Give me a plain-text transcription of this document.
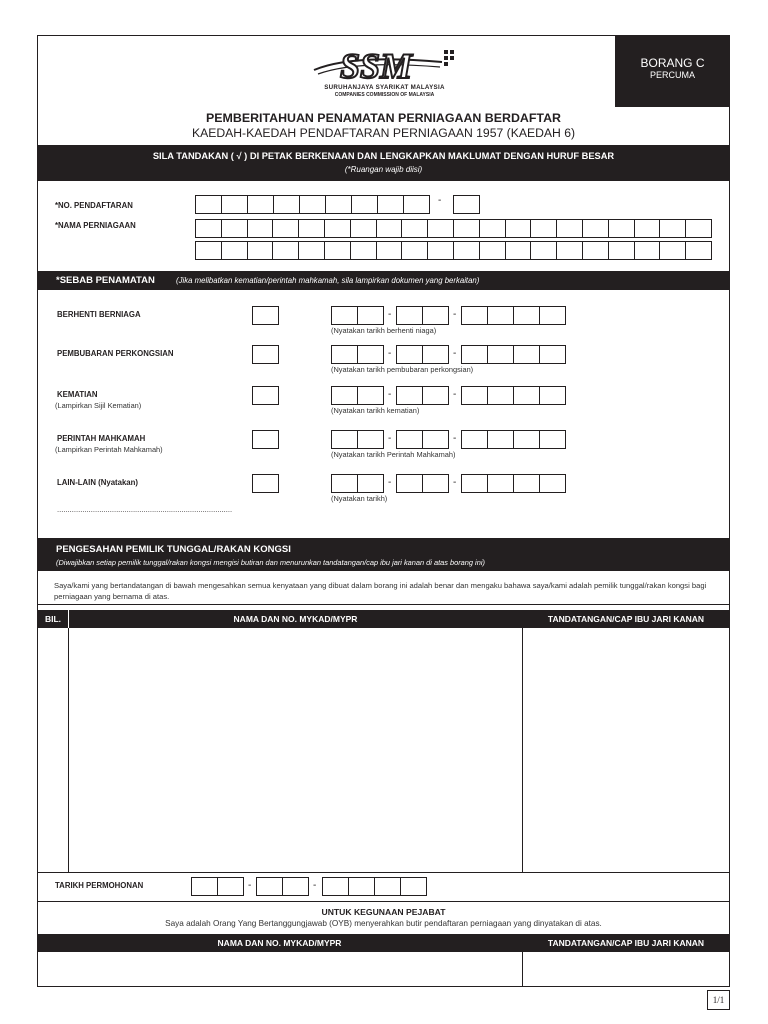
SSM
SURUHANJAYA SYARIKAT MALAYSIA
COMPANIES COMMISSION OF MALAYSIA
BORANG C
PERCUMA
PEMBERITAHUAN PENAMATAN PERNIAGAAN BERDAFTAR
KAEDAH-KAEDAH PENDAFTARAN PERNIAGAAN 1957 (KAEDAH 6)
SILA TANDAKAN ( √ ) DI PETAK BERKENAAN DAN LENGKAPKAN MAKLUMAT DENGAN HURUF BESAR
(*Ruangan wajib diisi)
*NO. PENDAFTARAN	-
*NAMA PERNIAGAAN
*SEBAB PENAMATAN	(Jika melibatkan kematian/perintah mahkamah, sila lampirkan dokumen yang berkaitan)
BERHENTI BERNIAGA	-	-
(Nyatakan tarikh berhenti niaga)
PEMBUBARAN PERKONGSIAN	-	-
(Nyatakan tarikh pembubaran perkongsian)
KEMATIAN
(Lampirkan Sijil Kematian)
-	-
(Nyatakan tarikh kematian)
PERINTAH MAHKAMAH
(Lampirkan Perintah Mahkamah)
-	-
(Nyatakan tarikh Perintah Mahkamah)
LAIN-LAIN (Nyatakan)	-	-
(Nyatakan tarikh)
...................................................................................
PENGESAHAN PEMILIK TUNGGAL/RAKAN KONGSI
(Diwajibkan setiap pemilik tunggal/rakan kongsi mengisi butiran dan menurunkan tandatangan/cap ibu jari kanan di atas borang ini)
Saya/kami yang bertandatangan di bawah mengesahkan semua kenyataan yang dibuat dalam borang ini adalah benar dan mengaku bahawa saya/kami adalah pemilik tunggal/rakan kongsi bagi perniagaan yang bernama di atas.
BIL.	NAMA DAN NO. MYKAD/MYPR	TANDATANGAN/CAP IBU JARI KANAN
TARIKH PERMOHONAN	-	-
UNTUK KEGUNAAN PEJABAT
Saya adalah Orang Yang Bertanggungjawab (OYB) menyerahkan butir pendaftaran perniagaan yang dinyatakan di atas.
NAMA DAN NO. MYKAD/MYPR	TANDATANGAN/CAP IBU JARI KANAN
1/1
